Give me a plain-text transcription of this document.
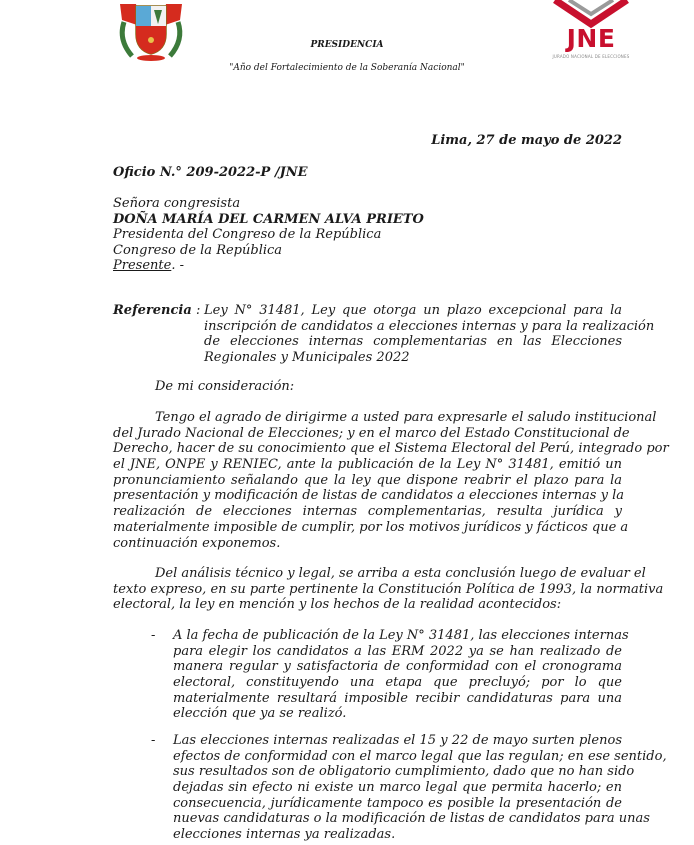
JNE
JURADO NACIONAL DE ELECCIONES
PRESIDENCIA
"Año del Fortalecimiento de la Soberanía Nacional"
Lima, 27 de mayo de 2022
Oficio N.° 209-2022-P /JNE
Señora congresista
DOÑA MARÍA DEL CARMEN ALVA PRIETO
Presidenta del Congreso de la República
Congreso de la República
Presente. -
Referencia : Ley N° 31481, Ley que otorga un plazo excepcional para la
inscripción de candidatos a elecciones internas y para la realización
de elecciones internas complementarias en las Elecciones
Regionales y Municipales 2022
De mi consideración:
Tengo el agrado de dirigirme a usted para expresarle el saludo institucional
del Jurado Nacional de Elecciones; y en el marco del Estado Constitucional de
Derecho, hacer de su conocimiento que el Sistema Electoral del Perú, integrado por
el JNE, ONPE y RENIEC, ante la publicación de la Ley N° 31481, emitió un
pronunciamiento señalando que la ley que dispone reabrir el plazo para la
presentación y modificación de listas de candidatos a elecciones internas y la
realización de elecciones internas complementarias, resulta jurídica y
materialmente imposible de cumplir, por los motivos jurídicos y fácticos que a
continuación exponemos.
Del análisis técnico y legal, se arriba a esta conclusión luego de evaluar el
texto expreso, en su parte pertinente la Constitución Política de 1993, la normativa
electoral, la ley en mención y los hechos de la realidad acontecidos:
- A la fecha de publicación de la Ley N° 31481, las elecciones internas
para elegir los candidatos a las ERM 2022 ya se han realizado de
manera regular y satisfactoria de conformidad con el cronograma
electoral, constituyendo una etapa que precluyó; por lo que
materialmente resultará imposible recibir candidaturas para una
elección que ya se realizó.
- Las elecciones internas realizadas el 15 y 22 de mayo surten plenos
efectos de conformidad con el marco legal que las regulan; en ese sentido,
sus resultados son de obligatorio cumplimiento, dado que no han sido
dejadas sin efecto ni existe un marco legal que permita hacerlo; en
consecuencia, jurídicamente tampoco es posible la presentación de
nuevas candidaturas o la modificación de listas de candidatos para unas
elecciones internas ya realizadas.
